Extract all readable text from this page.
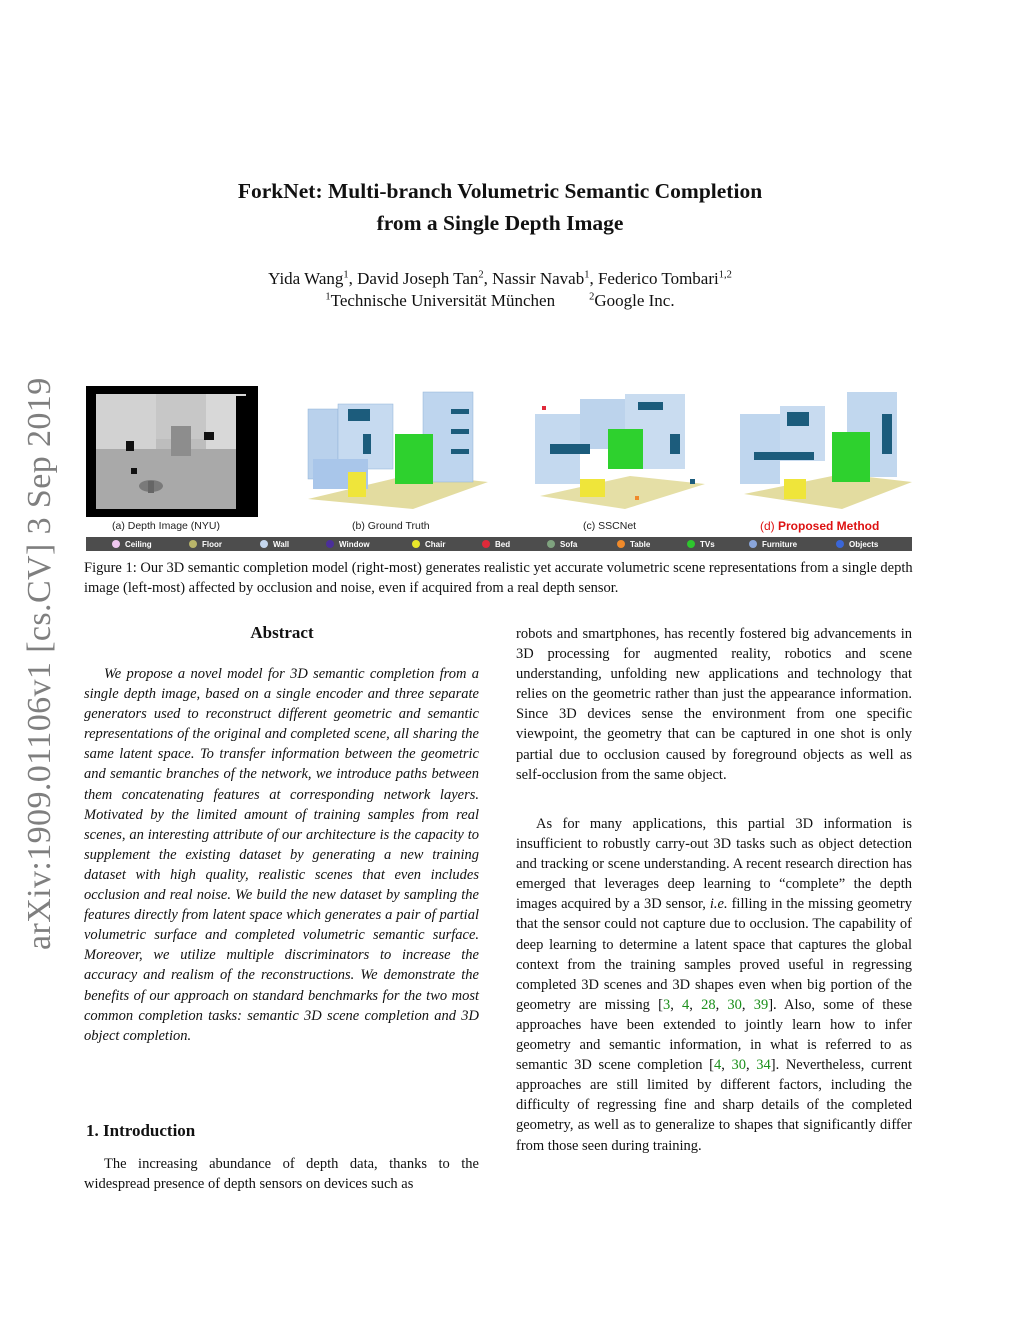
arXiv:1909.01106v1 [cs.CV] 3 Sep 2019
ForkNet: Multi-branch Volumetric Semantic Completion
from a Single Depth Image
Yida Wang$^1$, David Joseph Tan$^2$, Nassir Navab$^1$, Federico Tombari$^{1,2}$
$^1$Technische Universität München	$^2$Google Inc.
(a) Depth Image (NYU)	(b) Ground Truth	(c) SSCNet	(d) Proposed Method
Ceiling	Floor	Wall	Window	Chair	Bed	Sofa	Table	TVs	Furniture	Objects
Figure 1: Our 3D semantic completion model (right-most) generates realistic yet accurate volumetric scene representations from a single depth image (left-most) affected by occlusion and noise, even if acquired from a real depth sensor.
Abstract
We propose a novel model for 3D semantic completion from a single depth image, based on a single encoder and three separate generators used to reconstruct different geometric and semantic representations of the original and completed scene, all sharing the same latent space. To transfer information between the geometric and semantic branches of the network, we introduce paths between them concatenating features at corresponding network layers. Motivated by the limited amount of training samples from real scenes, an interesting attribute of our architecture is the capacity to supplement the existing dataset by generating a new training dataset with high quality, realistic scenes that even includes occlusion and real noise. We build the new dataset by sampling the features directly from latent space which generates a pair of partial volumetric surface and completed volumetric semantic surface. Moreover, we utilize multiple discriminators to increase the accuracy and realism of the reconstructions. We demonstrate the benefits of our approach on standard benchmarks for the two most common completion tasks: semantic 3D scene completion and 3D object completion.
1. Introduction
The increasing abundance of depth data, thanks to the widespread presence of depth sensors on devices such as
robots and smartphones, has recently fostered big advancements in 3D processing for augmented reality, robotics and scene understanding, unfolding new applications and technology that relies on the geometric rather than just the appearance information. Since 3D devices sense the environment from one specific viewpoint, the geometry that can be captured in one shot is only partial due to occlusion caused by foreground objects as well as self-occlusion from the same object.
As for many applications, this partial 3D information is insufficient to robustly carry-out 3D tasks such as object detection and tracking or scene understanding. A recent research direction has emerged that leverages deep learning to “complete” the depth images acquired by a 3D sensor, i.e. filling in the missing geometry that the sensor could not capture due to occlusion. The capability of deep learning to determine a latent space that captures the global context from the training samples proved useful in regressing completed 3D scenes and 3D shapes even when big portion of the geometry are missing [3, 4, 28, 30, 39]. Also, some of these approaches have been extended to jointly learn how to infer geometry and semantic information, in what is referred to as semantic 3D scene completion [4, 30, 34]. Nevertheless, current approaches are still limited by different factors, including the difficulty of regressing fine and sharp details of the completed geometry, as well as to generalize to shapes that significantly differ from those seen during training.
